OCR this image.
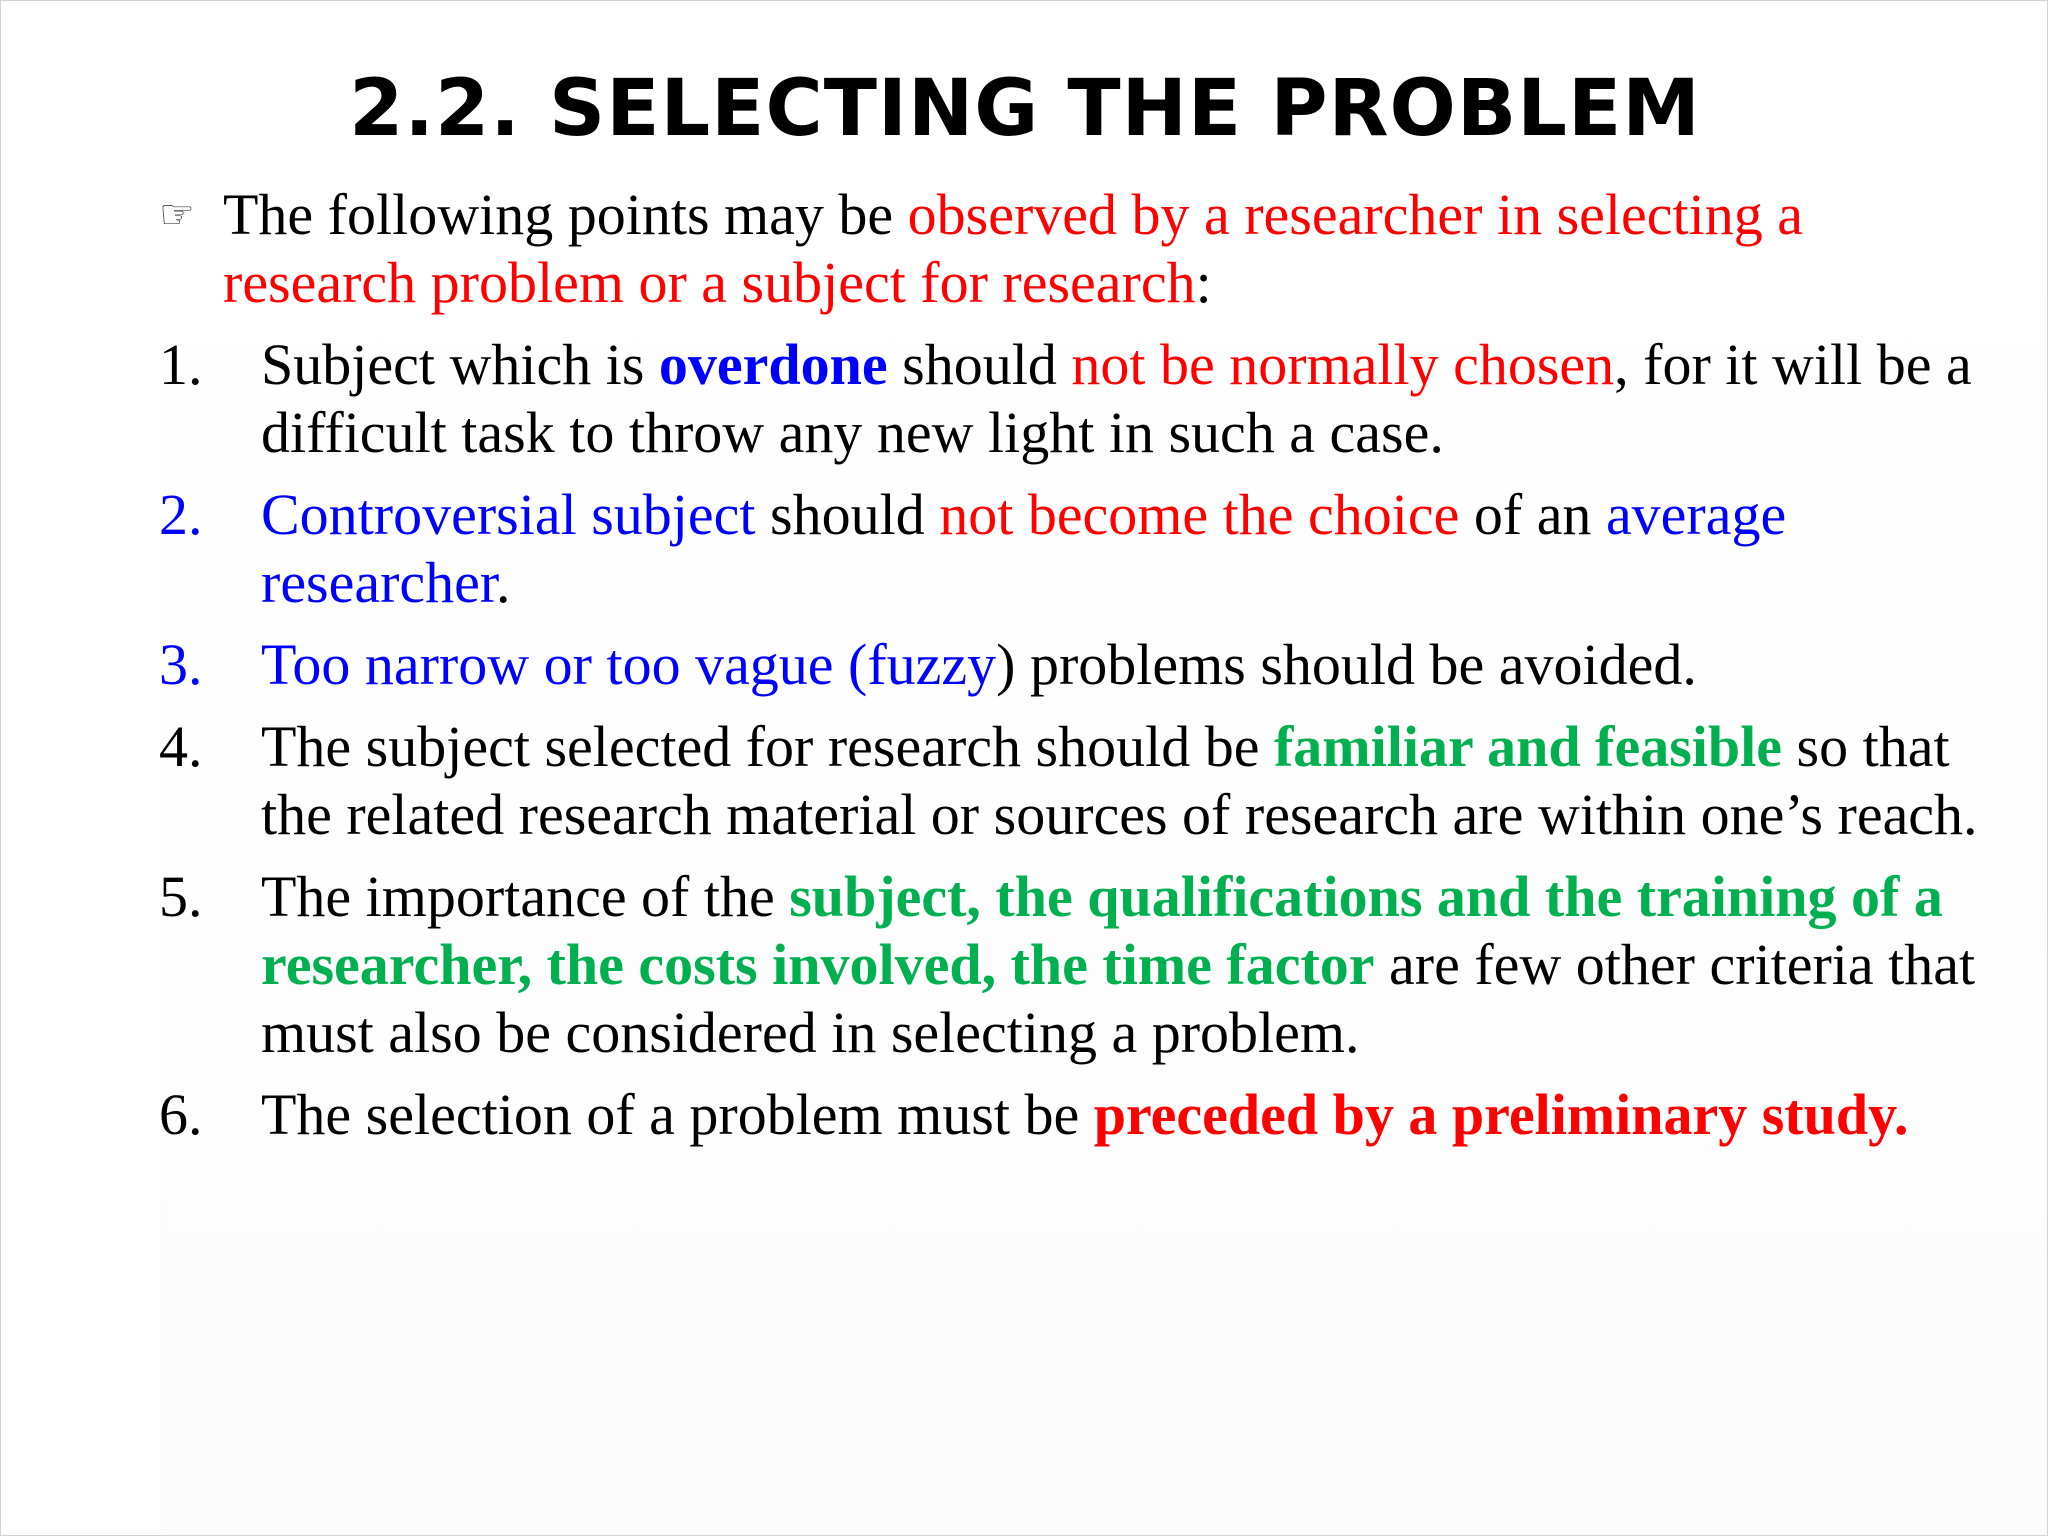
2.2. SELECTING THE PROBLEM
☞ The following points may be observed by a researcher in selecting a research problem or a subject for research:
1.	Subject which is overdone should not be normally chosen, for it will be a difficult task to throw any new light in such a case.
2.	Controversial subject should not become the choice of an average researcher.
3.	Too narrow or too vague (fuzzy) problems should be avoided.
4.	The subject selected for research should be familiar and feasible so that the related research material or sources of research are within one’s reach.
5.	The importance of the subject, the qualifications and the training of a researcher, the costs involved, the time factor are few other criteria that must also be considered in selecting a problem.
6.	The selection of a problem must be preceded by a preliminary study.
